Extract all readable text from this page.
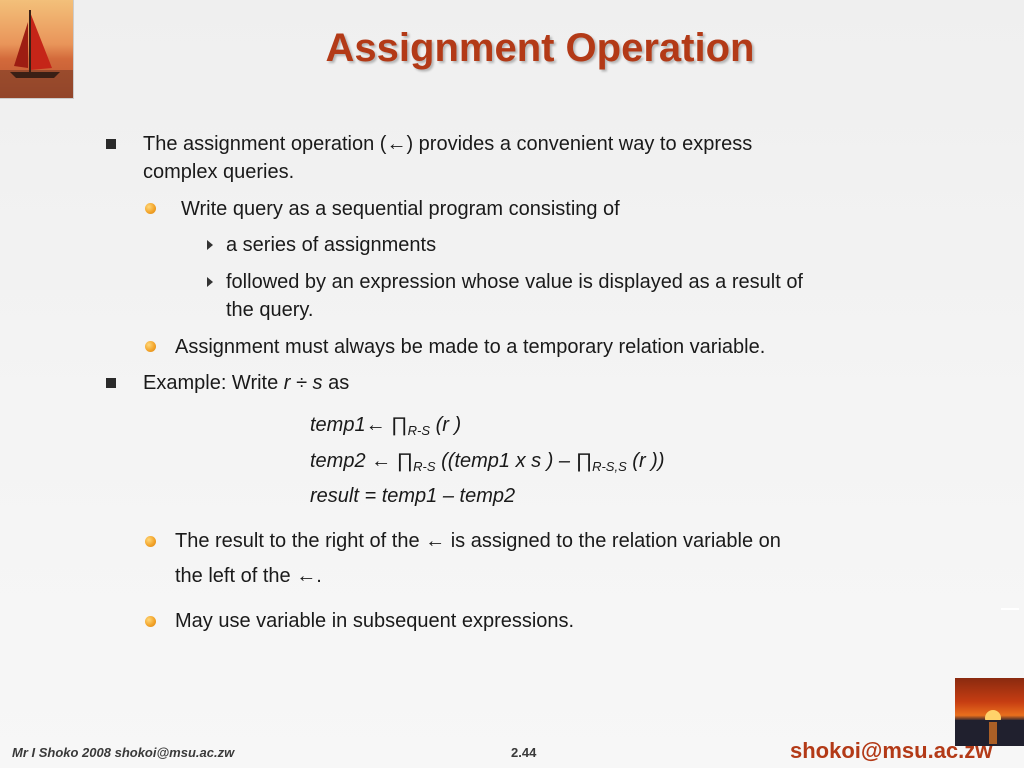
Assignment Operation
The assignment operation (←) provides a convenient way to express
complex queries.
Write query as a sequential program consisting of
a series of assignments
followed by an expression whose value is displayed as a result of
the query.
Assignment must always be made to a temporary relation variable.
Example: Write r ÷ s as
temp1← $\prod_{R-S}$ (r )
temp2 ← $\prod_{R-S}$ ((temp1 x s ) – $\prod_{R-S,S}$ (r ))
result = temp1 – temp2
The result to the right of the ← is assigned to the relation variable on
the left of the ←.
May use variable in subsequent expressions.
Mr I Shoko 2008 shokoi@msu.ac.zw	2.44	shokoi@msu.ac.zw
